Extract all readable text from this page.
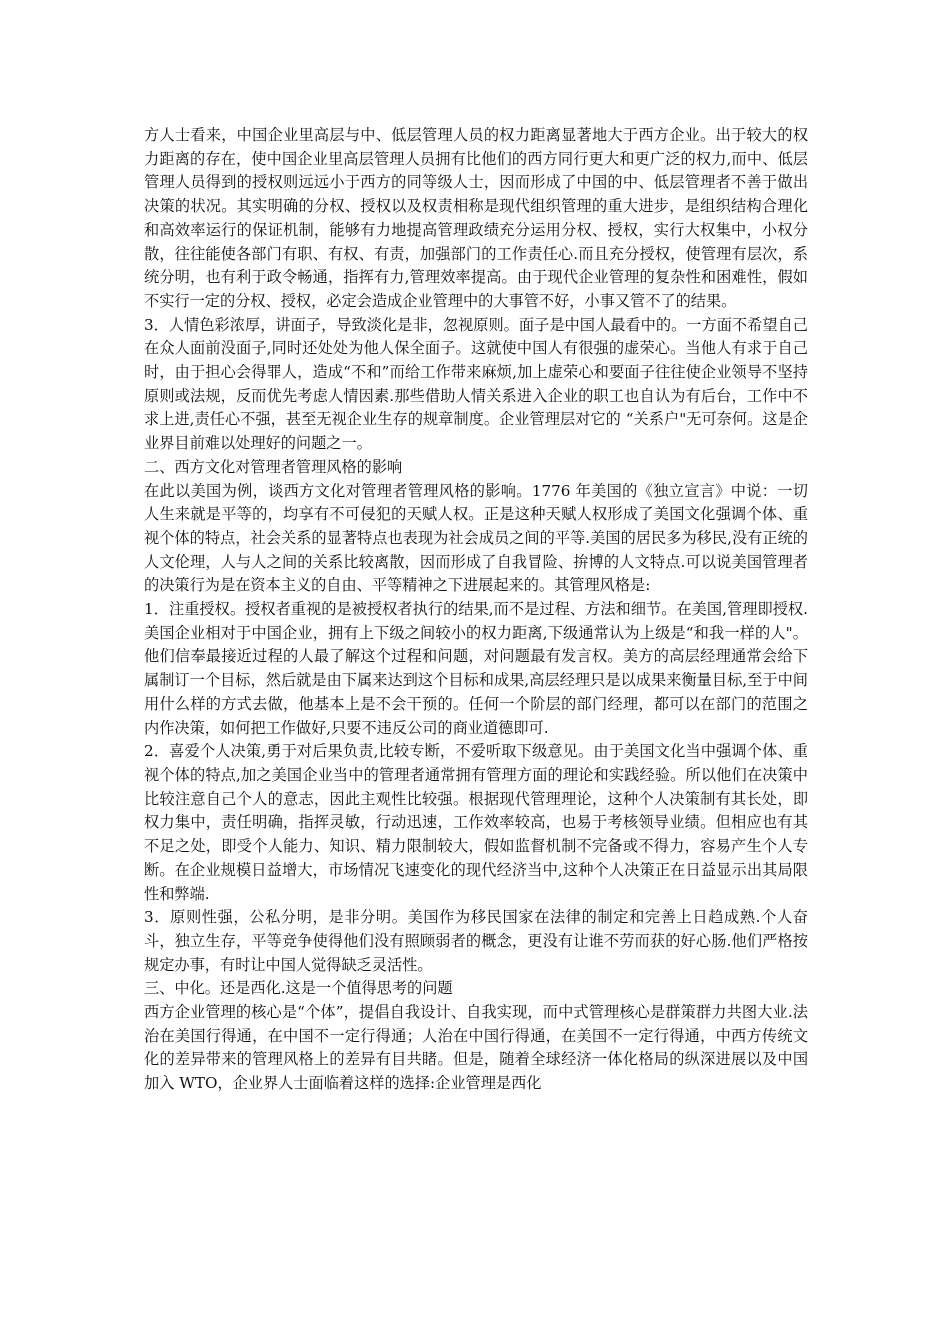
方人士看来，中国企业里高层与中、低层管理人员的权力距离显著地大于西方企业。出于较大的权力距离的存在，使中国企业里高层管理人员拥有比他们的西方同行更大和更广泛的权力,而中、低层管理人员得到的授权则远远小于西方的同等级人士，因而形成了中国的中、低层管理者不善于做出决策的状况。其实明确的分权、授权以及权责相称是现代组织管理的重大进步，是组织结构合理化和高效率运行的保证机制，能够有力地提高管理政绩充分运用分权、授权，实行大权集中，小权分散，往往能使各部门有职、有权、有责，加强部门的工作责任心.而且充分授权，使管理有层次，系统分明，也有利于政令畅通，指挥有力,管理效率提高。由于现代企业管理的复杂性和困难性，假如不实行一定的分权、授权，必定会造成企业管理中的大事管不好，小事又管不了的结果。

3．人情色彩浓厚，讲面子，导致淡化是非，忽视原则。面子是中国人最看中的。一方面不希望自己在众人面前没面子,同时还处处为他人保全面子。这就使中国人有很强的虚荣心。当他人有求于自己时，由于担心会得罪人，造成“不和”而给工作带来麻烦,加上虚荣心和要面子往往使企业领导不坚持原则或法规，反而优先考虑人情因素.那些借助人情关系进入企业的职工也自认为有后台，工作中不求上进,责任心不强，甚至无视企业生存的规章制度。企业管理层对它的 “关系户"无可奈何。这是企业界目前难以处理好的问题之一。

二、西方文化对管理者管理风格的影响

在此以美国为例，谈西方文化对管理者管理风格的影响。1776 年美国的《独立宣言》中说：一切人生来就是平等的，均享有不可侵犯的天赋人权。正是这种天赋人权形成了美国文化强调个体、重视个体的特点，社会关系的显著特点也表现为社会成员之间的平等.美国的居民多为移民,没有正统的人文伦理，人与人之间的关系比较离散，因而形成了自我冒险、拚博的人文特点.可以说美国管理者的决策行为是在资本主义的自由、平等精神之下进展起来的。其管理风格是:

1．注重授权。授权者重视的是被授权者执行的结果,而不是过程、方法和细节。在美国,管理即授权.美国企业相对于中国企业，拥有上下级之间较小的权力距离,下级通常认为上级是“和我一样的人"。他们信奉最接近过程的人最了解这个过程和问题，对问题最有发言权。美方的高层经理通常会给下属制订一个目标，然后就是由下属来达到这个目标和成果,高层经理只是以成果来衡量目标,至于中间用什么样的方式去做，他基本上是不会干预的。任何一个阶层的部门经理，都可以在部门的范围之内作决策，如何把工作做好,只要不违反公司的商业道德即可.

2．喜爱个人决策,勇于对后果负责,比较专断，不爱听取下级意见。由于美国文化当中强调个体、重视个体的特点,加之美国企业当中的管理者通常拥有管理方面的理论和实践经验。所以他们在决策中比较注意自己个人的意志，因此主观性比较强。根据现代管理理论，这种个人决策制有其长处，即权力集中，责任明确，指挥灵敏，行动迅速，工作效率较高，也易于考核领导业绩。但相应也有其不足之处，即受个人能力、知识、精力限制较大，假如监督机制不完备或不得力，容易产生个人专断。在企业规模日益增大，市场情况飞速变化的现代经济当中,这种个人决策正在日益显示出其局限性和弊端.

3．原则性强，公私分明，是非分明。美国作为移民国家在法律的制定和完善上日趋成熟.个人奋斗，独立生存，平等竞争使得他们没有照顾弱者的概念，更没有让谁不劳而获的好心肠.他们严格按规定办事，有时让中国人觉得缺乏灵活性。

三、中化。还是西化.这是一个值得思考的问题

西方企业管理的核心是“个体”，提倡自我设计、自我实现，而中式管理核心是群策群力共图大业.法治在美国行得通，在中国不一定行得通；人治在中国行得通，在美国不一定行得通，中西方传统文化的差异带来的管理风格上的差异有目共睹。但是，随着全球经济一体化格局的纵深进展以及中国加入 WTO，企业界人士面临着这样的选择:企业管理是西化
